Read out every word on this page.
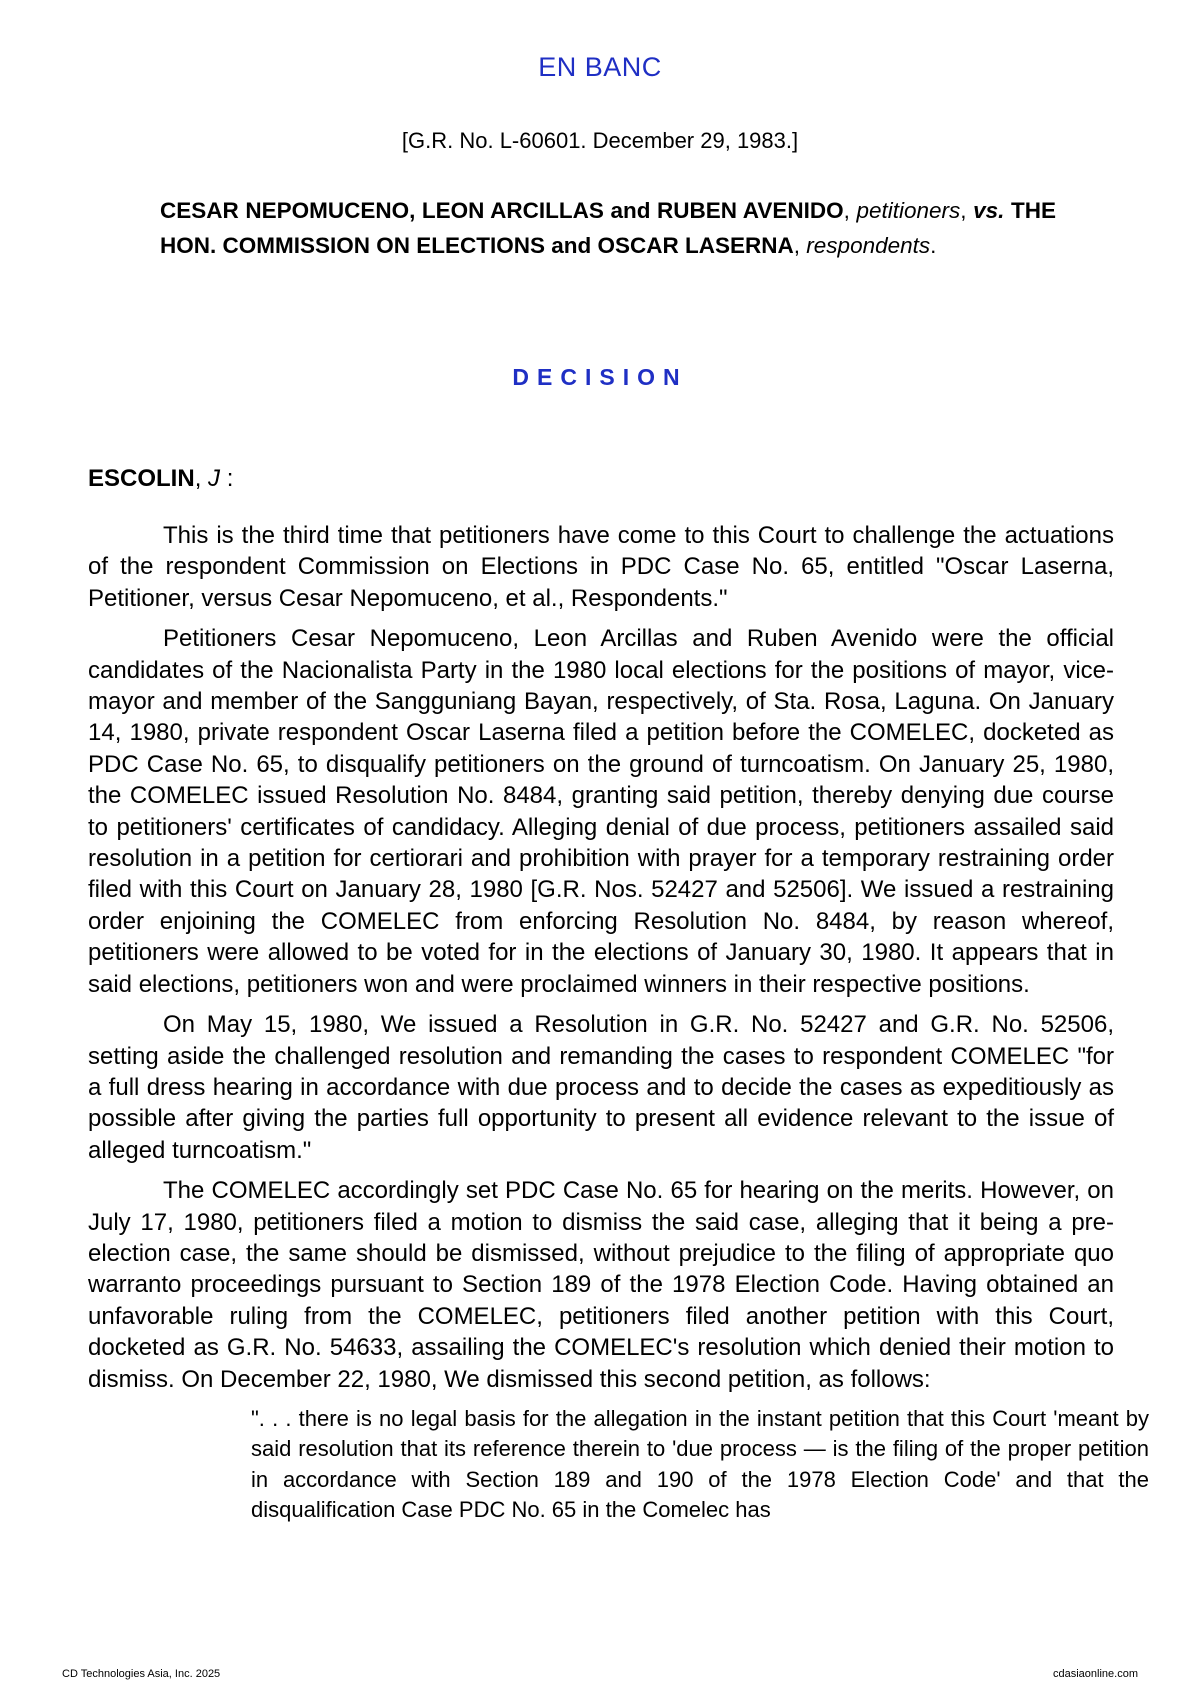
EN BANC
[G.R. No. L-60601. December 29, 1983.]
CESAR NEPOMUCENO, LEON ARCILLAS and RUBEN AVENIDO, petitioners, vs. THE HON. COMMISSION ON ELECTIONS and OSCAR LASERNA, respondents.
DECISION
ESCOLIN, J :

This is the third time that petitioners have come to this Court to challenge the actuations of the respondent Commission on Elections in PDC Case No. 65, entitled "Oscar Laserna, Petitioner, versus Cesar Nepomuceno, et al., Respondents."

Petitioners Cesar Nepomuceno, Leon Arcillas and Ruben Avenido were the official candidates of the Nacionalista Party in the 1980 local elections for the positions of mayor, vice-mayor and member of the Sangguniang Bayan, respectively, of Sta. Rosa, Laguna. On January 14, 1980, private respondent Oscar Laserna filed a petition before the COMELEC, docketed as PDC Case No. 65, to disqualify petitioners on the ground of turncoatism. On January 25, 1980, the COMELEC issued Resolution No. 8484, granting said petition, thereby denying due course to petitioners' certificates of candidacy. Alleging denial of due process, petitioners assailed said resolution in a petition for certiorari and prohibition with prayer for a temporary restraining order filed with this Court on January 28, 1980 [G.R. Nos. 52427 and 52506]. We issued a restraining order enjoining the COMELEC from enforcing Resolution No. 8484, by reason whereof, petitioners were allowed to be voted for in the elections of January 30, 1980. It appears that in said elections, petitioners won and were proclaimed winners in their respective positions.

On May 15, 1980, We issued a Resolution in G.R. No. 52427 and G.R. No. 52506, setting aside the challenged resolution and remanding the cases to respondent COMELEC "for a full dress hearing in accordance with due process and to decide the cases as expeditiously as possible after giving the parties full opportunity to present all evidence relevant to the issue of alleged turncoatism."

The COMELEC accordingly set PDC Case No. 65 for hearing on the merits. However, on July 17, 1980, petitioners filed a motion to dismiss the said case, alleging that it being a pre-election case, the same should be dismissed, without prejudice to the filing of appropriate quo warranto proceedings pursuant to Section 189 of the 1978 Election Code. Having obtained an unfavorable ruling from the COMELEC, petitioners filed another petition with this Court, docketed as G.R. No. 54633, assailing the COMELEC's resolution which denied their motion to dismiss. On December 22, 1980, We dismissed this second petition, as follows:

". . . there is no legal basis for the allegation in the instant petition that this Court 'meant by said resolution that its reference therein to 'due process — is the filing of the proper petition in accordance with Section 189 and 190 of the 1978 Election Code' and that the disqualification Case PDC No. 65 in the Comelec has

CD Technologies Asia, Inc. 2025	cdasiaonline.com
